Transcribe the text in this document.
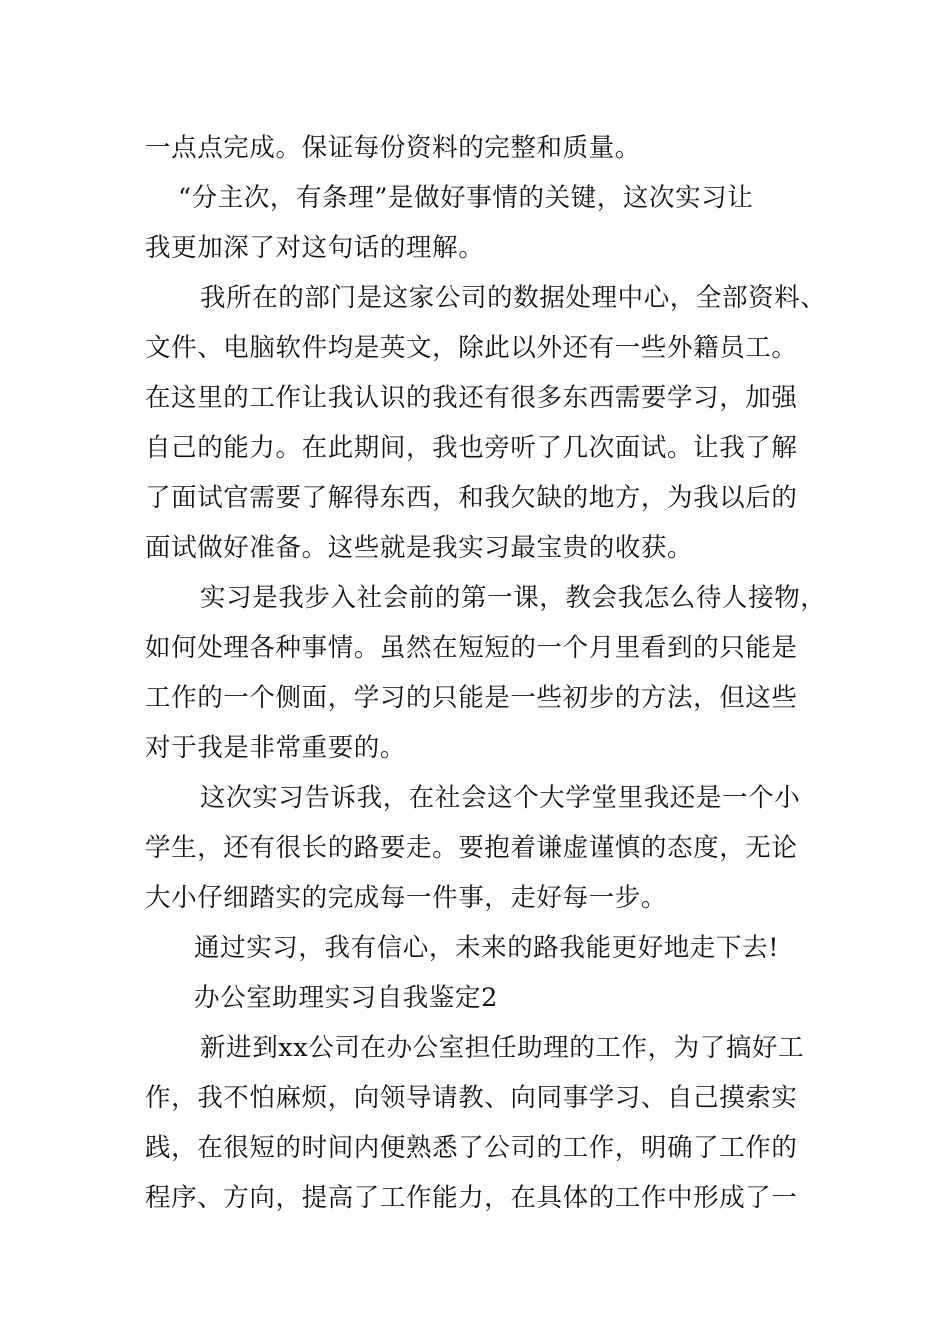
一点点完成。保证每份资料的完整和质量。
“分主次，有条理”是做好事情的关键，这次实习让
我更加深了对这句话的理解。
我所在的部门是这家公司的数据处理中心，全部资料、
文件、电脑软件均是英文，除此以外还有一些外籍员工。
在这里的工作让我认识的我还有很多东西需要学习，加强
自己的能力。在此期间，我也旁听了几次面试。让我了解
了面试官需要了解得东西，和我欠缺的地方，为我以后的
面试做好准备。这些就是我实习最宝贵的收获。
实习是我步入社会前的第一课，教会我怎么待人接物，
如何处理各种事情。虽然在短短的一个月里看到的只能是
工作的一个侧面，学习的只能是一些初步的方法，但这些
对于我是非常重要的。
这次实习告诉我，在社会这个大学堂里我还是一个小
学生，还有很长的路要走。要抱着谦虚谨慎的态度，无论
大小仔细踏实的完成每一件事，走好每一步。
通过实习，我有信心，未来的路我能更好地走下去!
办公室助理实习自我鉴定2
新进到xx公司在办公室担任助理的工作，为了搞好工
作，我不怕麻烦，向领导请教、向同事学习、自己摸索实
践，在很短的时间内便熟悉了公司的工作，明确了工作的
程序、方向，提高了工作能力，在具体的工作中形成了一
